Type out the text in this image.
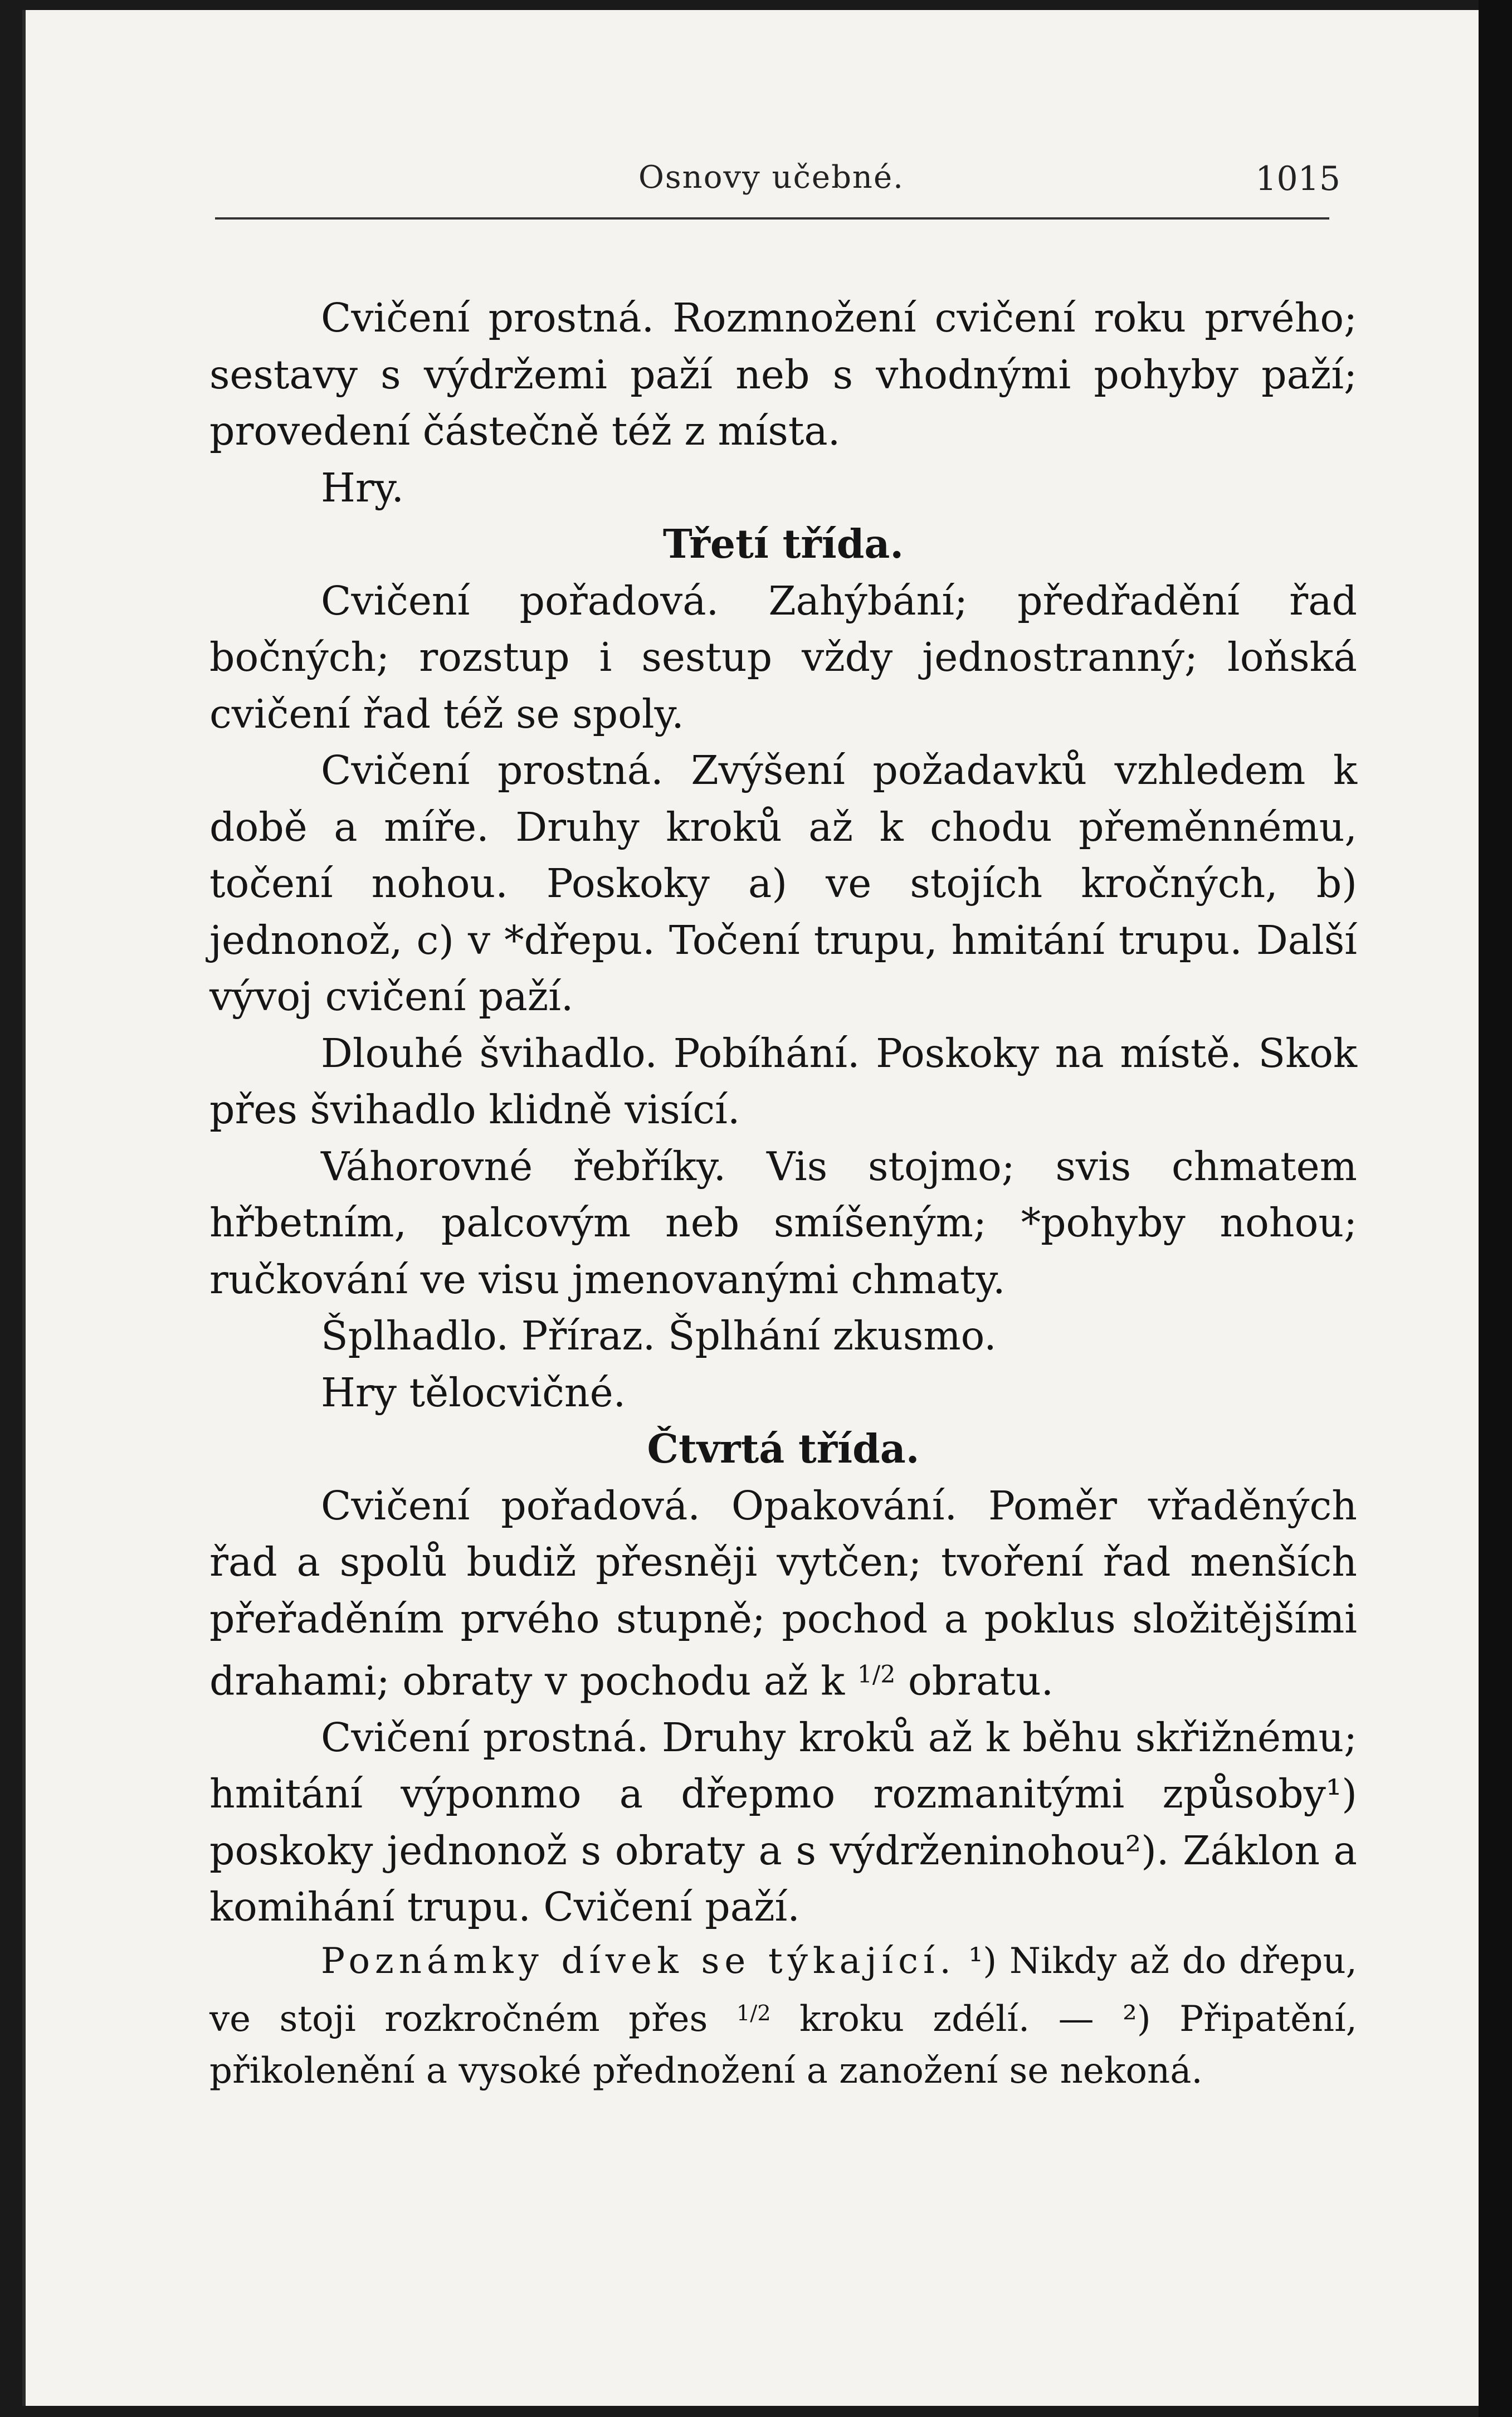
Osnovy učebné.	1015

Cvičení prostná. Rozmnožení cvičení roku prvého; sestavy s výdržemi paží neb s vhodnými pohyby paží; provedení částečně též z místa.

Hry.

Třetí třída.

Cvičení pořadová. Zahýbání; předřadění řad bočných; rozstup i sestup vždy jednostranný; loňská cvičení řad též se spoly.

Cvičení prostná. Zvýšení požadavků vzhledem k době a míře. Druhy kroků až k chodu přeměnnému, točení nohou. Poskoky a) ve stojích kročných, b) jednonož, c) v *dřepu. Točení trupu, hmitání trupu. Další vývoj cvičení paží.

Dlouhé švihadlo. Pobíhání. Poskoky na místě. Skok přes švihadlo klidně visící.

Váhorovné řebříky. Vis stojmo; svis chmatem hřbetním, palcovým neb smíšeným; *pohyby nohou; ručkování ve visu jmenovanými chmaty.

Šplhadlo. Příraz. Šplhání zkusmo.

Hry tělocvičné.

Čtvrtá třída.

Cvičení pořadová. Opakování. Poměr vřaděných řad a spolů budiž přesněji vytčen; tvoření řad menších přeřaděním prvého stupně; pochod a poklus složitějšími drahami; obraty v pochodu až k $^{1/2}$ obratu.

Cvičení prostná. Druhy kroků až k běhu skřižnému; hmitání výponmo a dřepmo rozmanitými způsoby¹) poskoky jednonož s obraty a s výdrženinohou²). Záklon a komihání trupu. Cvičení paží.

Poznámky dívek se týkající. ¹) Nikdy až do dřepu, ve stoji rozkročném přes $^{1/2}$ kroku zdélí. — ²) Připatění, přikolenění a vysoké přednožení a zanožení se nekoná.
